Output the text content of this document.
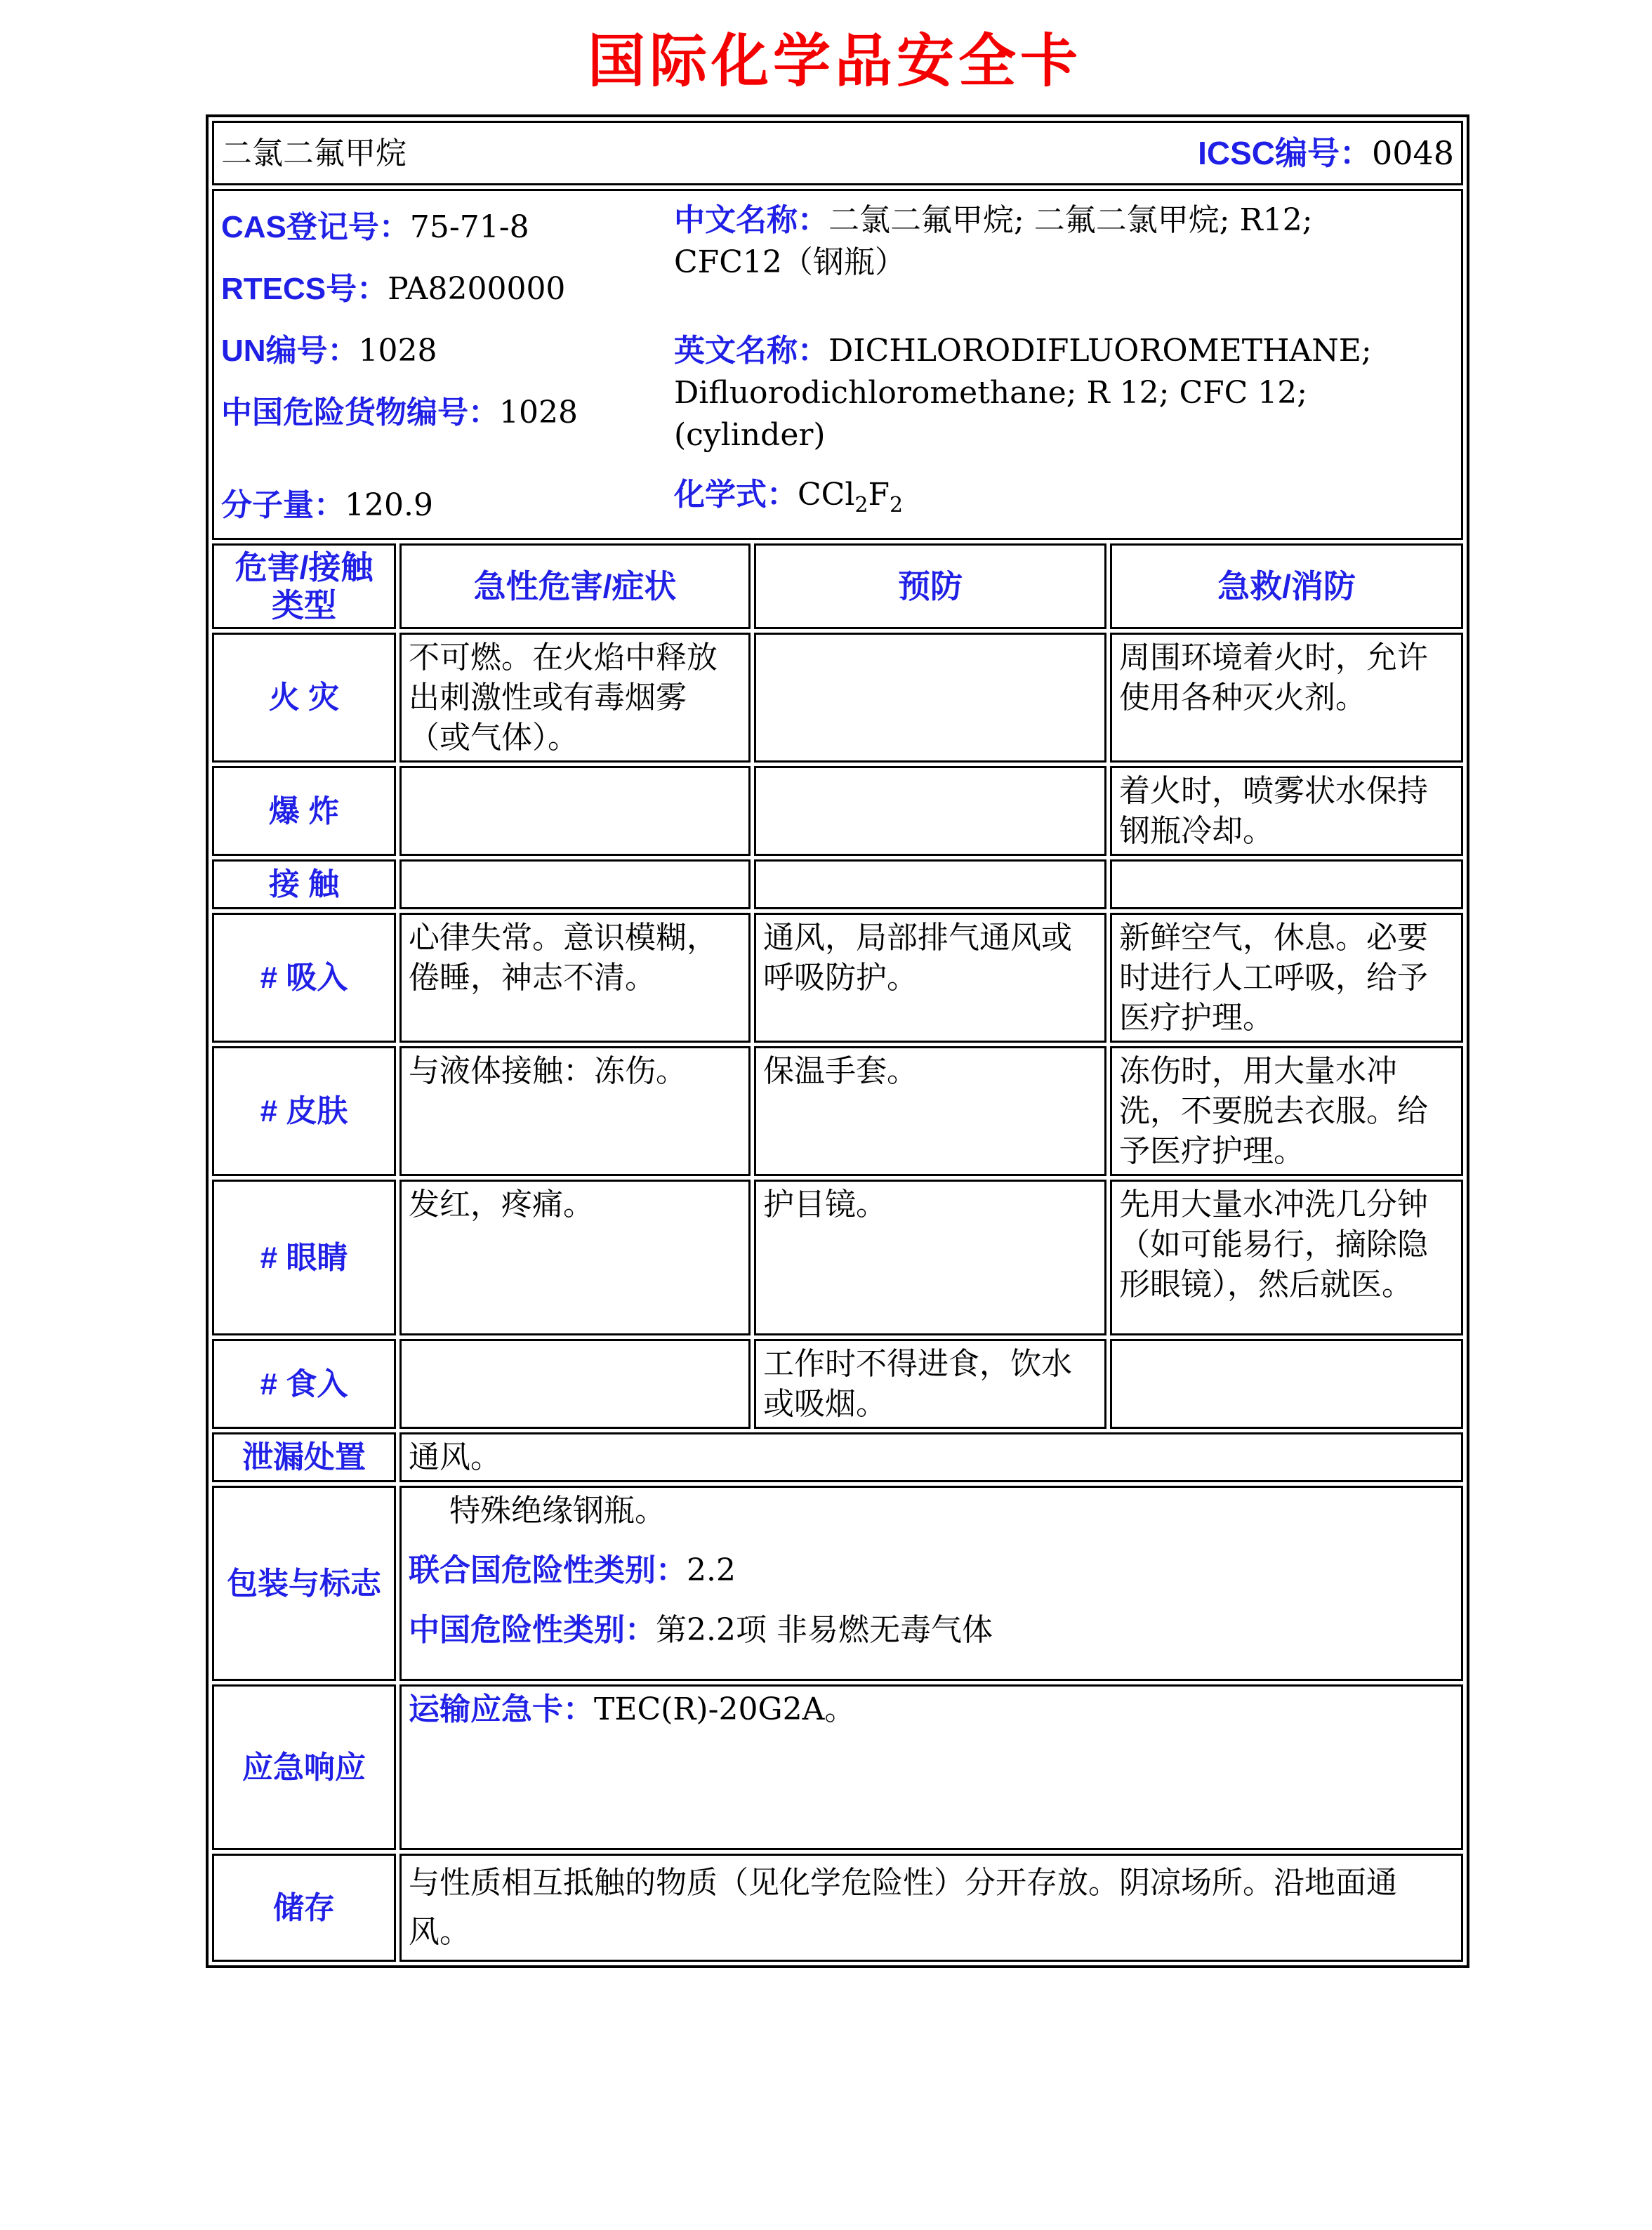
国际化学品安全卡
二氯二氟甲烷 ICSC编号：0048			

CAS登记号：75-71-8
RTECS号：PA8200000
UN编号：1028
中国危险货物编号：1028
中文名称：二氯二氟甲烷; 二氟二氯甲烷; R12;
CFC12（钢瓶）
英文名称：DICHLORODIFLUOROMETHANE;
Difluorodichloromethane; R 12; CFC 12;
(cylinder)
分子量：120.9	化学式：$CCl_2F_2$

危害/接触
类型	急性危害/症状	预防	急救/消防
火 灾	不可燃。在火焰中释放出刺激性或有毒烟雾（或气体）。		周围环境着火时，允许使用各种灭火剂。
爆 炸			着火时，喷雾状水保持钢瓶冷却。
接 触			
# 吸入	心律失常。意识模糊，倦睡，神志不清。	通风，局部排气通风或呼吸防护。	新鲜空气，休息。必要时进行人工呼吸，给予医疗护理。
# 皮肤	与液体接触：冻伤。	保温手套。	冻伤时，用大量水冲洗，不要脱去衣服。给予医疗护理。
# 眼睛	发红，疼痛。	护目镜。	先用大量水冲洗几分钟（如可能易行，摘除隐形眼镜），然后就医。
# 食入		工作时不得进食，饮水或吸烟。	
泄漏处置	通风。		
包装与标志	特殊绝缘钢瓶。
联合国危险性类别：2.2
中国危险性类别：第2.2项 非易燃无毒气体		

应急响应	运输应急卡：TEC(R)-20G2A。		
储存	与性质相互抵触的物质（见化学危险性）分开存放。阴凉场所。沿地面通风。		
